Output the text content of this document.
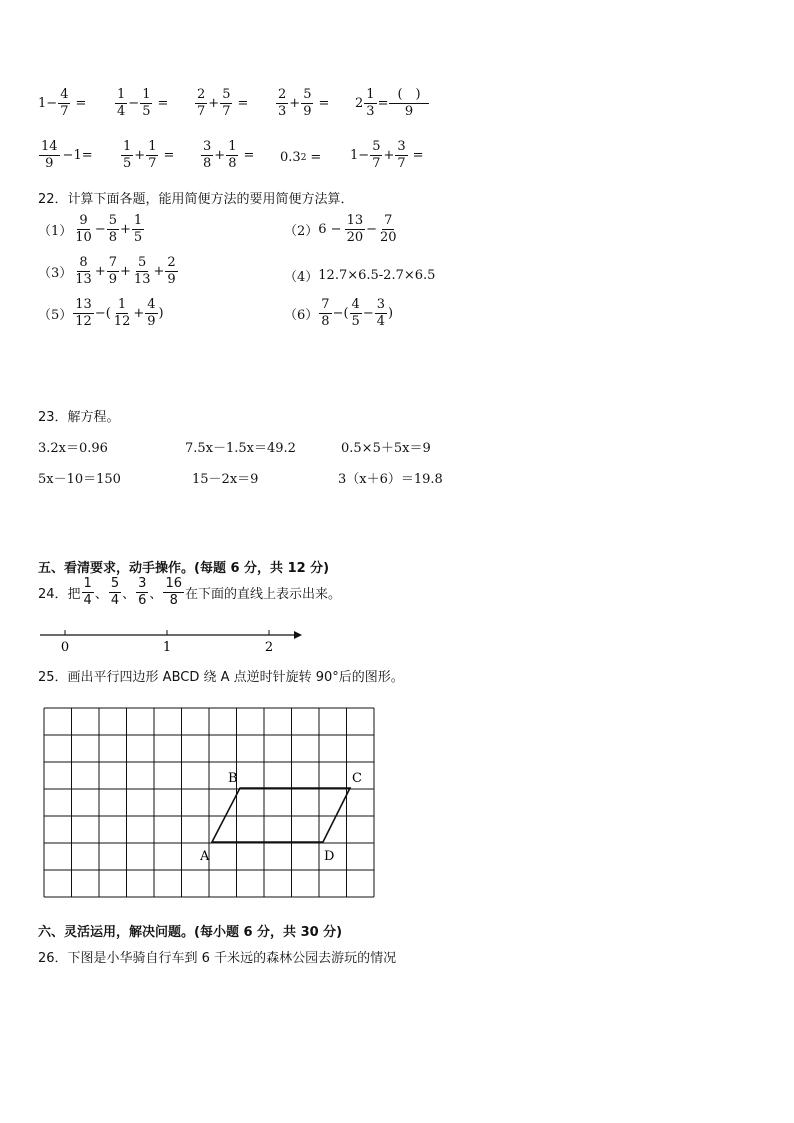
$1 - \frac{4}{7} = \frac{1}{4} - \frac{1}{5} = \frac{2}{7} + \frac{5}{7} = \frac{2}{3} + \frac{5}{9} = 2 \frac{1}{3} = \frac{( )}{9}$
$\frac{14}{9} -1= \frac{1}{5} + \frac{1}{7} = \frac{3}{8} + \frac{1}{8} = 0.3$ $2 = 1 - \frac{5}{7} + \frac{3}{7}$ =
22．计算下面各题，能用简便方法的要用简便方法算．
$(1) \frac{9}{10} - \frac{5}{8} + \frac{1}{5}$	（2） $6 - \frac{13}{20} - \frac{7}{20}$
$(3) \frac{8}{13} + \frac{7}{9} + \frac{5}{13} + \frac{2}{9}$	（4） 12.7×6.5-2.7×6.5
$(5) \frac{13}{12}$ −( $\frac{1}{12} + \frac{4}{9}$ )	$(6) \frac{7}{8}$ −( $\frac{4}{5} - \frac{3}{4}$ )
23．解方程。
3.2x＝0.96	7.5x－1.5x＝49.2	0.5×5＋5x＝9
5x－10＝150	15－2x＝9	3（x＋6）＝19.8
五、看清要求，动手操作。(每题 6 分，共 12 分)
24．把 $\frac{1}{4}$ 、 $\frac{5}{4}$ 、 $\frac{3}{6}$ 、 $\frac{16}{8}$ 在下面的直线上表示出来。
0	1	2
25．画出平行四边形 ABCD 绕 A 点逆时针旋转 90°后的图形。
A
B	C
D
六、灵活运用，解决问题。(每小题 6 分，共 30 分)
26．下图是小华骑自行车到 6 千米远的森林公园去游玩的情况
